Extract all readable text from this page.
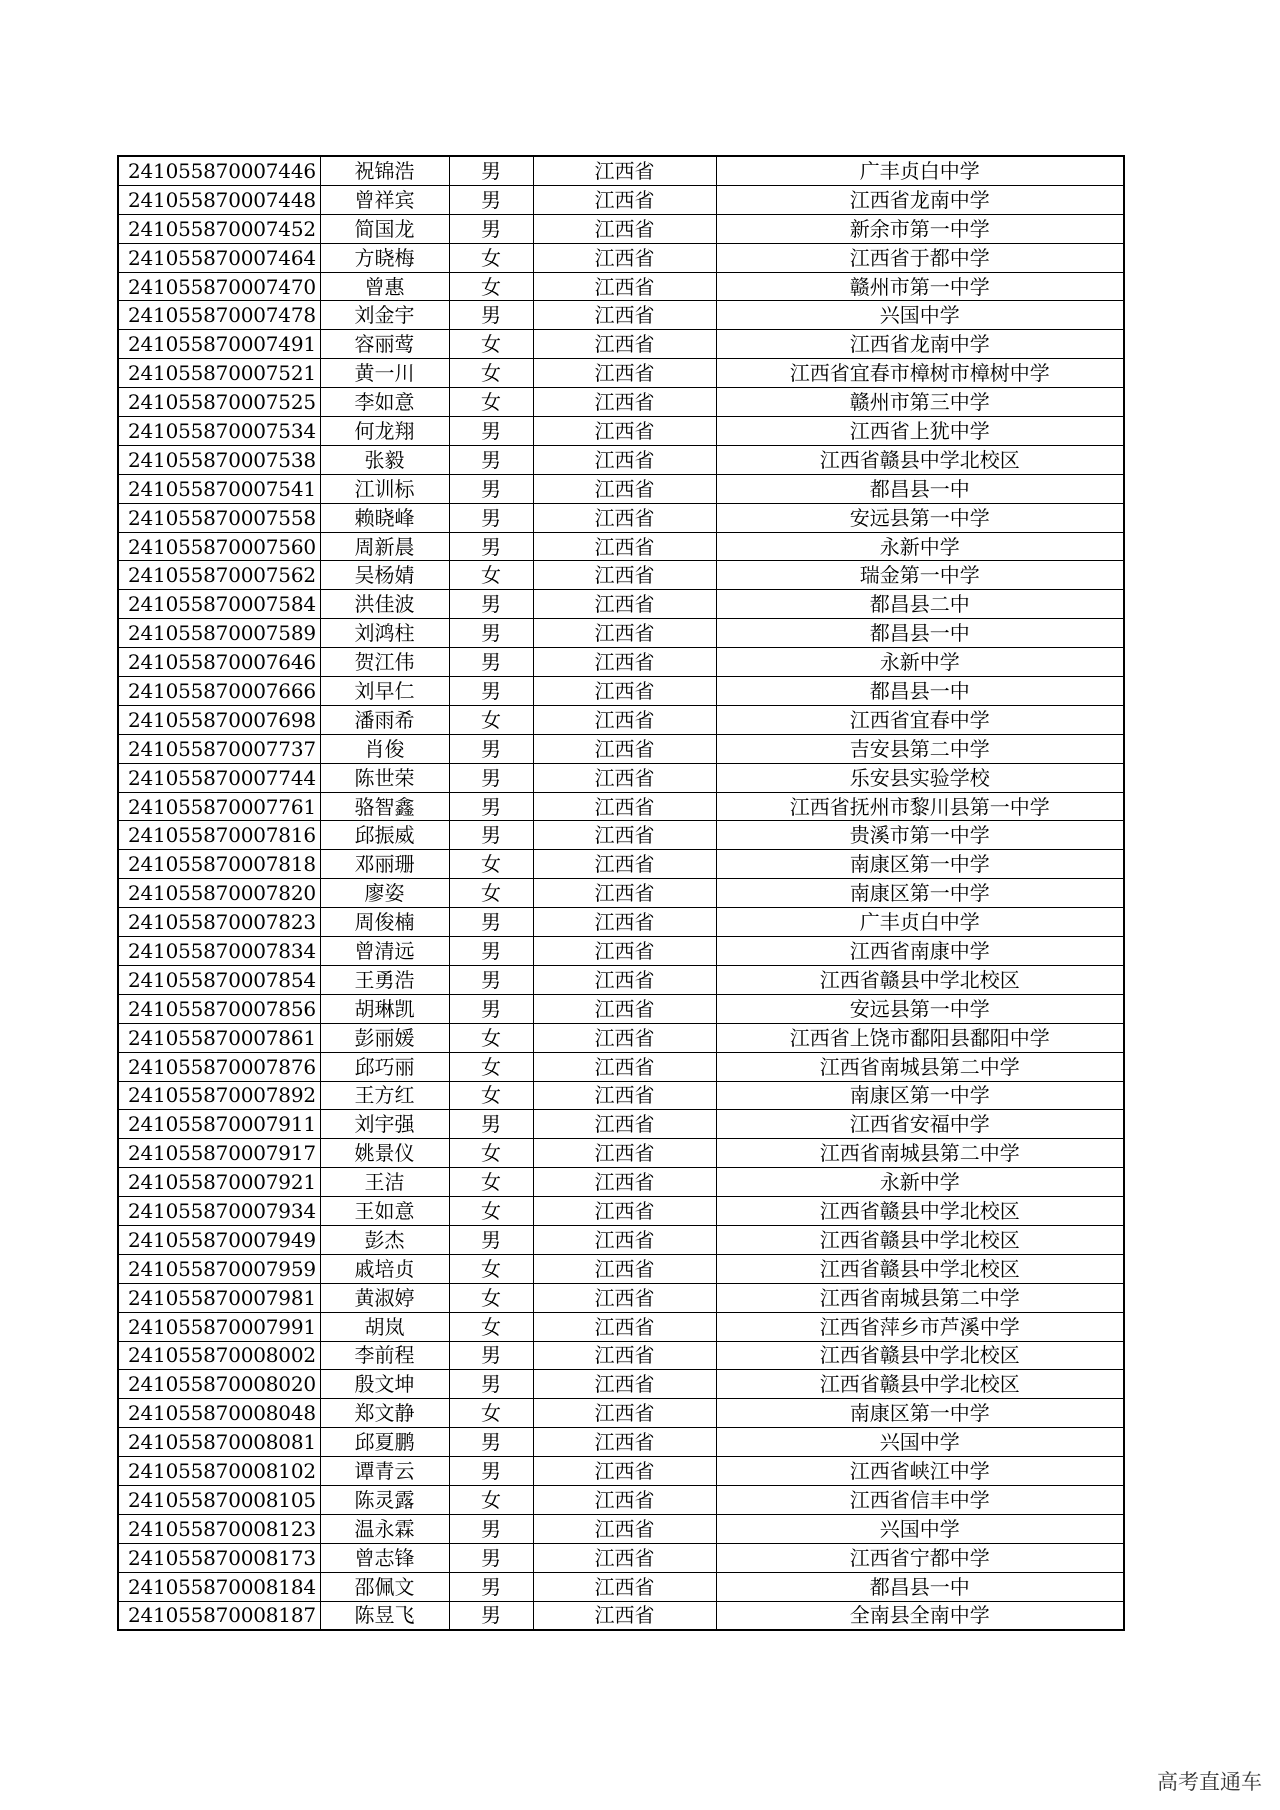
241055870007446	祝锦浩	男	江西省	广丰贞白中学
241055870007448	曾祥宾	男	江西省	江西省龙南中学
241055870007452	简国龙	男	江西省	新余市第一中学
241055870007464	方晓梅	女	江西省	江西省于都中学
241055870007470	曾惠	女	江西省	赣州市第一中学
241055870007478	刘金宇	男	江西省	兴国中学
241055870007491	容丽莺	女	江西省	江西省龙南中学
241055870007521	黄一川	女	江西省	江西省宜春市樟树市樟树中学
241055870007525	李如意	女	江西省	赣州市第三中学
241055870007534	何龙翔	男	江西省	江西省上犹中学
241055870007538	张毅	男	江西省	江西省赣县中学北校区
241055870007541	江训标	男	江西省	都昌县一中
241055870007558	赖晓峰	男	江西省	安远县第一中学
241055870007560	周新晨	男	江西省	永新中学
241055870007562	吴杨婧	女	江西省	瑞金第一中学
241055870007584	洪佳波	男	江西省	都昌县二中
241055870007589	刘鸿柱	男	江西省	都昌县一中
241055870007646	贺江伟	男	江西省	永新中学
241055870007666	刘早仁	男	江西省	都昌县一中
241055870007698	潘雨希	女	江西省	江西省宜春中学
241055870007737	肖俊	男	江西省	吉安县第二中学
241055870007744	陈世荣	男	江西省	乐安县实验学校
241055870007761	骆智鑫	男	江西省	江西省抚州市黎川县第一中学
241055870007816	邱振威	男	江西省	贵溪市第一中学
241055870007818	邓丽珊	女	江西省	南康区第一中学
241055870007820	廖姿	女	江西省	南康区第一中学
241055870007823	周俊楠	男	江西省	广丰贞白中学
241055870007834	曾清远	男	江西省	江西省南康中学
241055870007854	王勇浩	男	江西省	江西省赣县中学北校区
241055870007856	胡琳凯	男	江西省	安远县第一中学
241055870007861	彭丽媛	女	江西省	江西省上饶市鄱阳县鄱阳中学
241055870007876	邱巧丽	女	江西省	江西省南城县第二中学
241055870007892	王方红	女	江西省	南康区第一中学
241055870007911	刘宇强	男	江西省	江西省安福中学
241055870007917	姚景仪	女	江西省	江西省南城县第二中学
241055870007921	王洁	女	江西省	永新中学
241055870007934	王如意	女	江西省	江西省赣县中学北校区
241055870007949	彭杰	男	江西省	江西省赣县中学北校区
241055870007959	戚培贞	女	江西省	江西省赣县中学北校区
241055870007981	黄淑婷	女	江西省	江西省南城县第二中学
241055870007991	胡岚	女	江西省	江西省萍乡市芦溪中学
241055870008002	李前程	男	江西省	江西省赣县中学北校区
241055870008020	殷文坤	男	江西省	江西省赣县中学北校区
241055870008048	郑文静	女	江西省	南康区第一中学
241055870008081	邱夏鹏	男	江西省	兴国中学
241055870008102	谭青云	男	江西省	江西省峡江中学
241055870008105	陈灵露	女	江西省	江西省信丰中学
241055870008123	温永霖	男	江西省	兴国中学
241055870008173	曾志锋	男	江西省	江西省宁都中学
241055870008184	邵佩文	男	江西省	都昌县一中
241055870008187	陈昱飞	男	江西省	全南县全南中学
高考直通车
